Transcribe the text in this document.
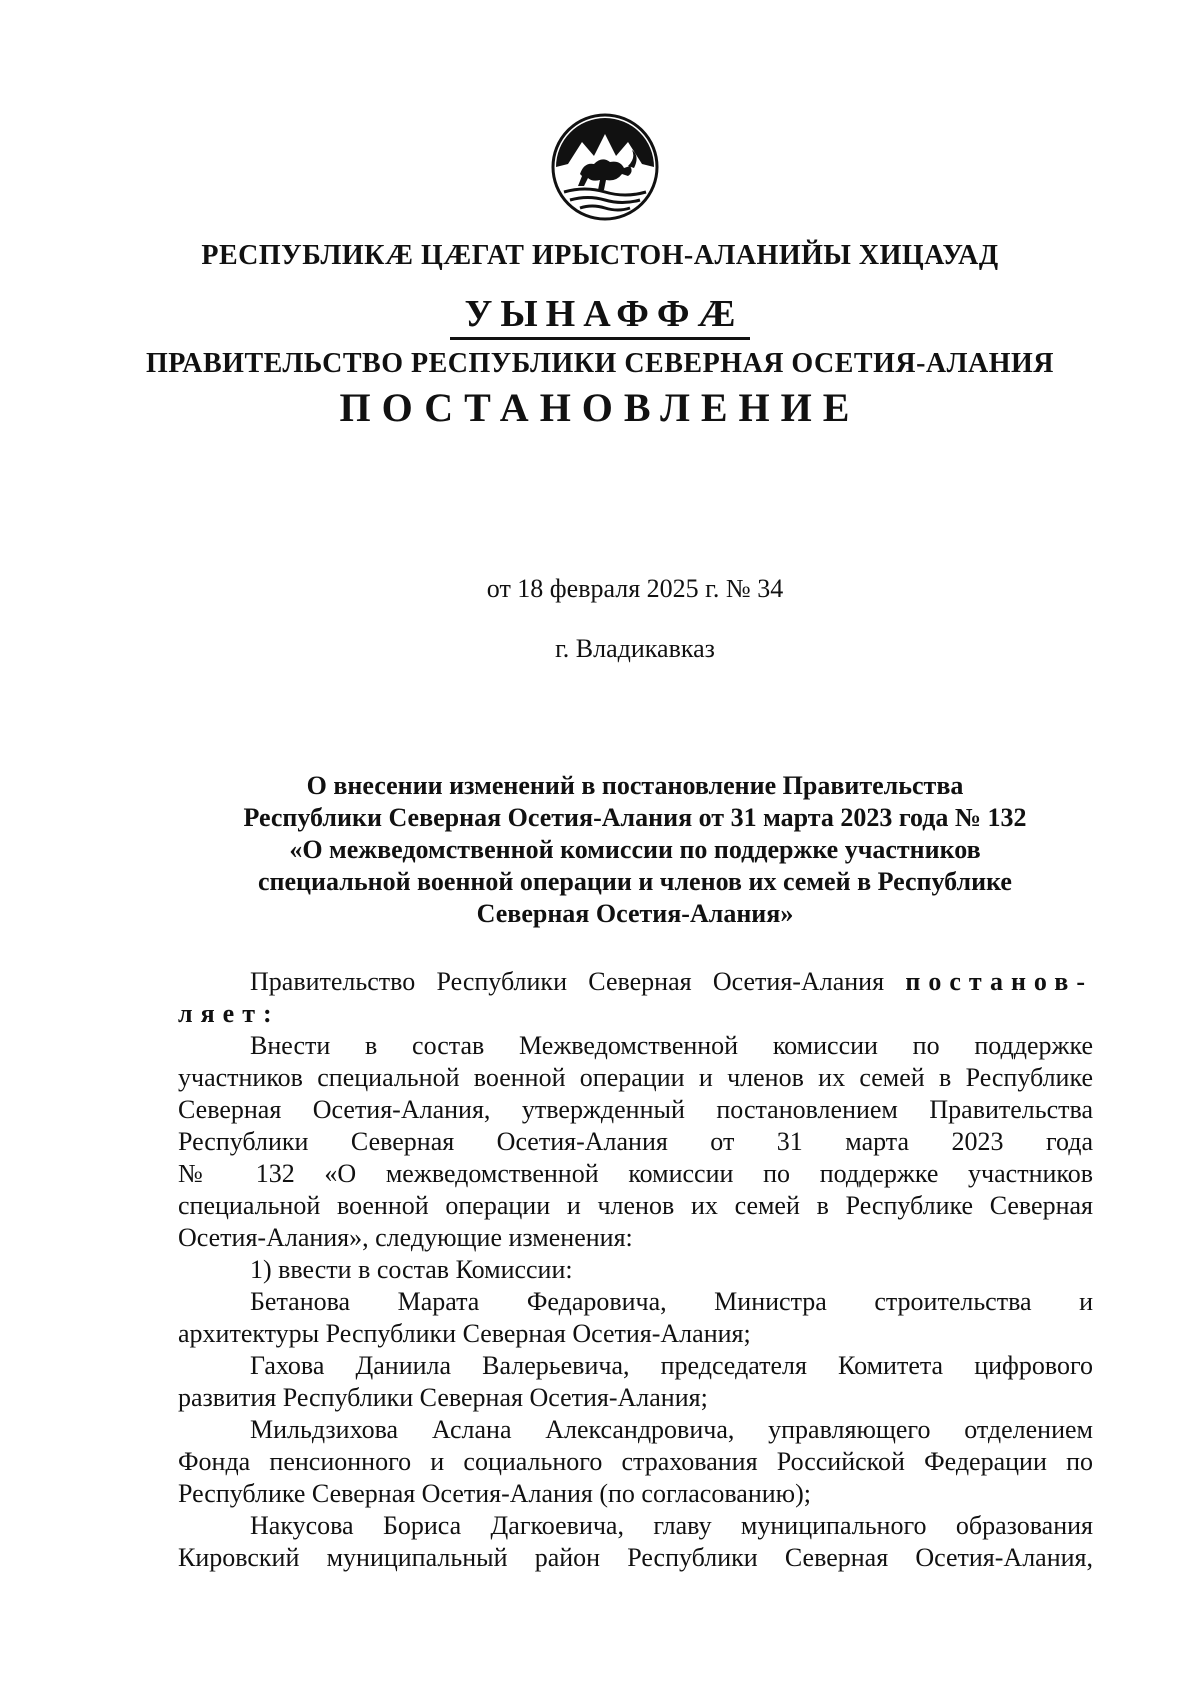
РЕСПУБЛИКӔ ЦӔГАТ ИРЫСТОН-АЛАНИЙЫ ХИЦАУАД
УЫНАФФӔ
ПРАВИТЕЛЬСТВО РЕСПУБЛИКИ СЕВЕРНАЯ ОСЕТИЯ-АЛАНИЯ
ПОСТАНОВЛЕНИЕ
от 18 февраля 2025 г. № 34
г. Владикавказ
О внесении изменений в постановление Правительства
Республики Северная Осетия-Алания от 31 марта 2023 года № 132
«О межведомственной комиссии по поддержке участников
специальной военной операции и членов их семей в Республике
Северная Осетия-Алания»

Правительство Республики Северная Осетия-Алания постанов-ляет:

Внести в состав Межведомственной комиссии по поддержке

участников специальной военной операции и членов их семей в Республике
Северная Осетия-Алания, утвержденный постановлением Правительства
Республики Северная Осетия-Алания от 31 марта 2023 года
№ 132 «О межведомственной комиссии по поддержке участников
специальной военной операции и членов их семей в Республике Северная
Осетия-Алания», следующие изменения:

1) ввести в состав Комиссии:

Бетанова Марата Федаровича, Министра строительства и

архитектуры Республики Северная Осетия-Алания;

Гахова Даниила Валерьевича, председателя Комитета цифрового

развития Республики Северная Осетия-Алания;

Мильдзихова Аслана Александровича, управляющего отделением

Фонда пенсионного и социального страхования Российской Федерации по
Республике Северная Осетия-Алания (по согласованию);

Накусова Бориса Дагкоевича, главу муниципального образования

Кировский муниципальный район Республики Северная Осетия-Алания,
